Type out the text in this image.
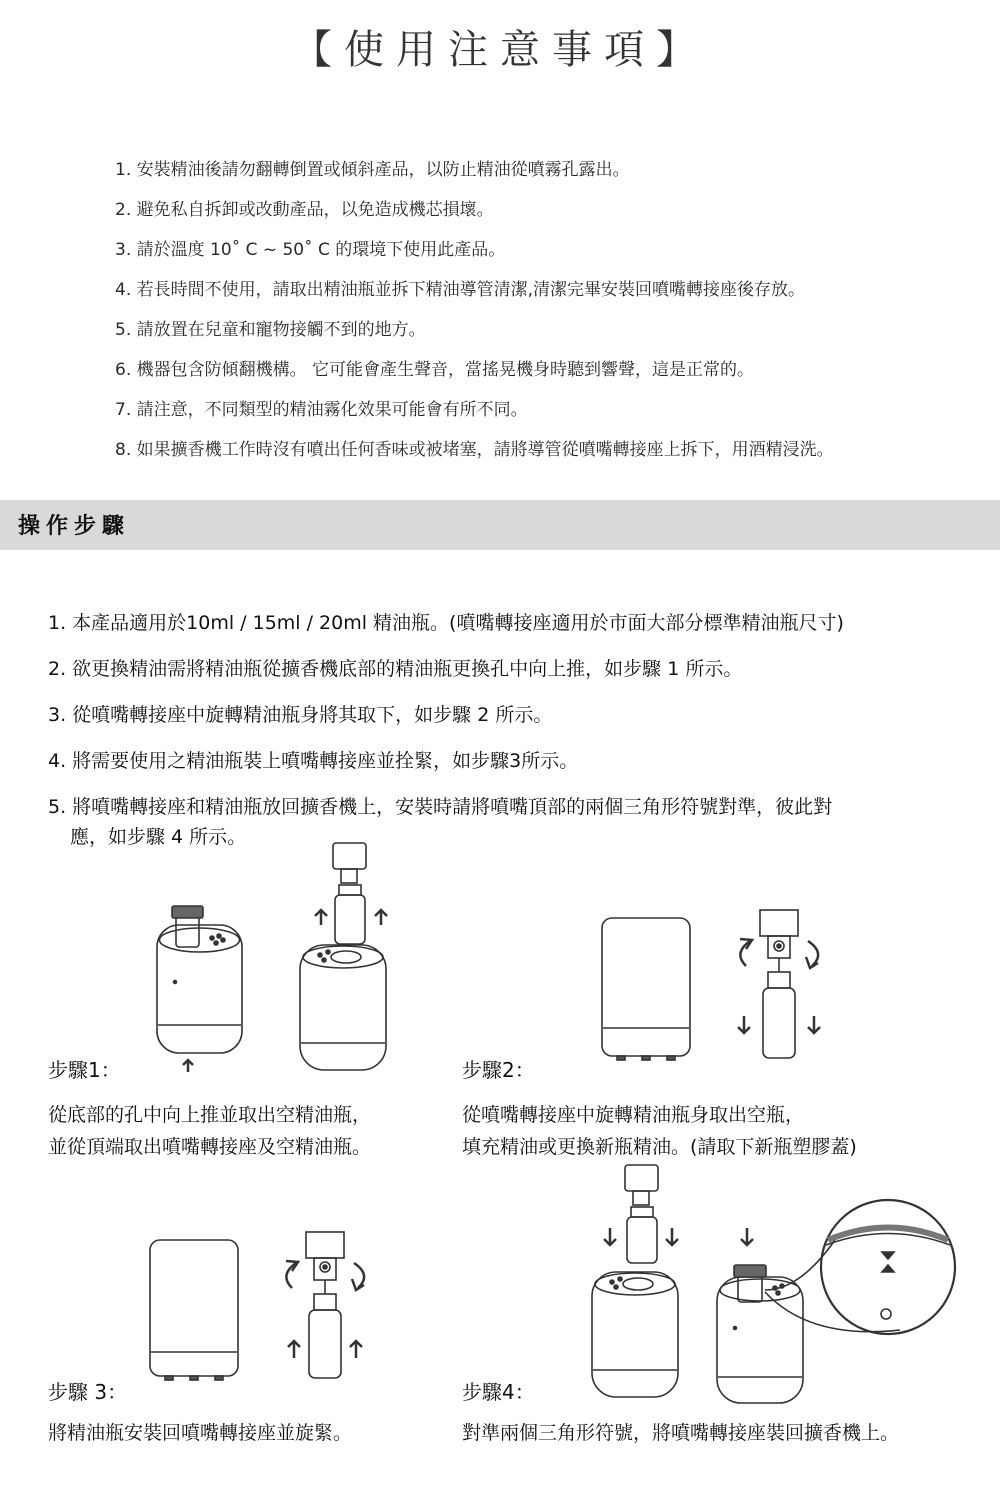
【使用注意事項】
1. 安裝精油後請勿翻轉倒置或傾斜產品，以防止精油從噴霧孔露出。
2. 避免私自拆卸或改動產品，以免造成機芯損壞。
3. 請於溫度 10˚ C ~ 50˚ C 的環境下使用此產品。
4. 若長時間不使用，請取出精油瓶並拆下精油導管清潔,清潔完畢安裝回噴嘴轉接座後存放。
5. 請放置在兒童和寵物接觸不到的地方。
6. 機器包含防傾翻機構。 它可能會產生聲音，當搖晃機身時聽到響聲，這是正常的。
7. 請注意，不同類型的精油霧化效果可能會有所不同。
8. 如果擴香機工作時沒有噴出任何香味或被堵塞，請將導管從噴嘴轉接座上拆下，用酒精浸洗。
操作步驟
1. 本產品適用於10ml / 15ml / 20ml 精油瓶。(噴嘴轉接座適用於市面大部分標準精油瓶尺寸)
2. 欲更換精油需將精油瓶從擴香機底部的精油瓶更換孔中向上推，如步驟 1 所示。
3. 從噴嘴轉接座中旋轉精油瓶身將其取下，如步驟 2 所示。
4. 將需要使用之精油瓶裝上噴嘴轉接座並拴緊，如步驟3所示。
5. 將噴嘴轉接座和精油瓶放回擴香機上，安裝時請將噴嘴頂部的兩個三角形符號對準，彼此對
應，如步驟 4 所示。
步驟1：
從底部的孔中向上推並取出空精油瓶，
並從頂端取出噴嘴轉接座及空精油瓶。
步驟2：
從噴嘴轉接座中旋轉精油瓶身取出空瓶，
填充精油或更換新瓶精油。(請取下新瓶塑膠蓋)
步驟 3：
將精油瓶安裝回噴嘴轉接座並旋緊。
步驟4：
對準兩個三角形符號，將噴嘴轉接座裝回擴香機上。
